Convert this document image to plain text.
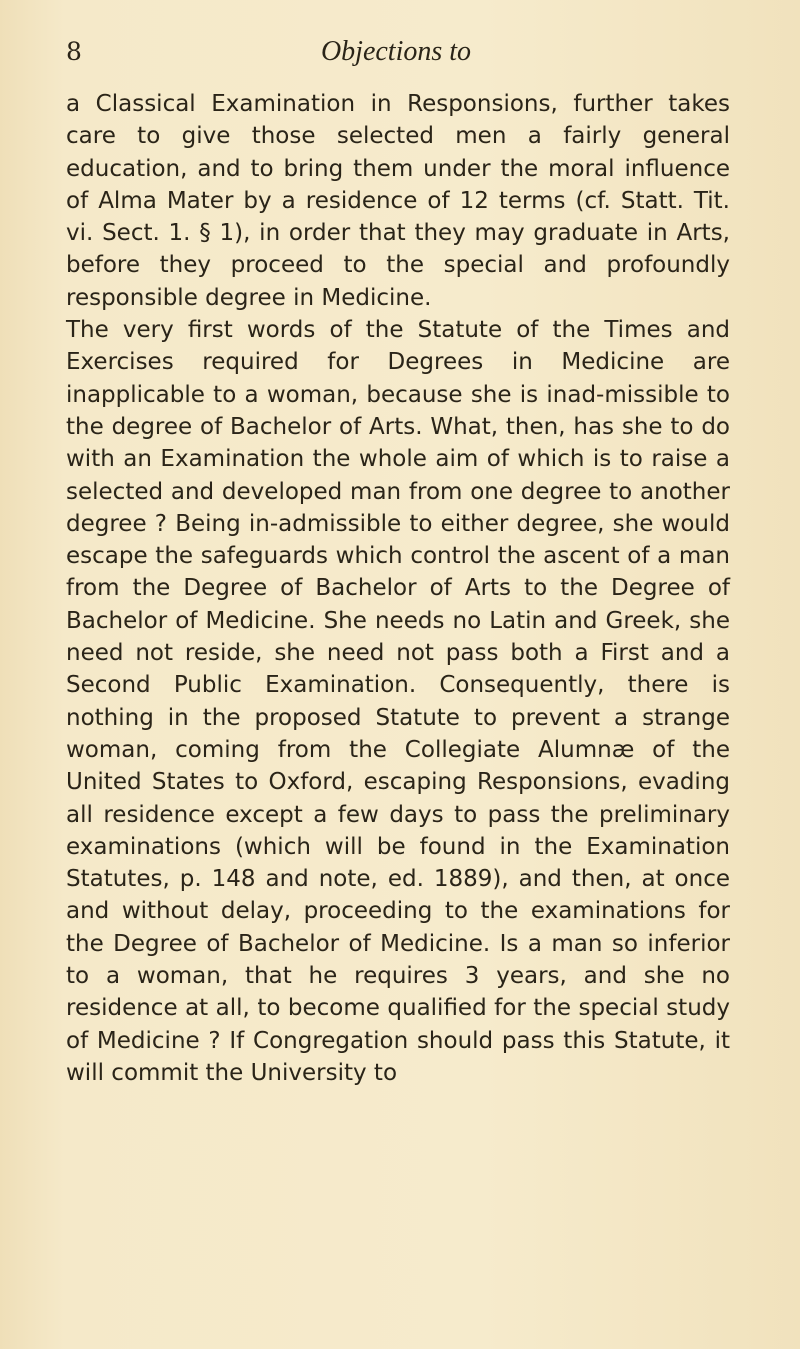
8	Objections to

a Classical Examination in Responsions, further takes care to give those selected men a fairly general education, and to bring them under the moral influence of Alma Mater by a residence of 12 terms (cf. Statt. Tit. vi. Sect. 1. § 1), in order that they may graduate in Arts, before they proceed to the special and profoundly responsible degree in Medicine.

The very first words of the Statute of the Times and Exercises required for Degrees in Medicine are inapplicable to a woman, because she is inad-missible to the degree of Bachelor of Arts. What, then, has she to do with an Examination the whole aim of which is to raise a selected and developed man from one degree to another degree ? Being in-admissible to either degree, she would escape the safeguards which control the ascent of a man from the Degree of Bachelor of Arts to the Degree of Bachelor of Medicine. She needs no Latin and Greek, she need not reside, she need not pass both a First and a Second Public Examination. Consequently, there is nothing in the proposed Statute to prevent a strange woman, coming from the Collegiate Alumnæ of the United States to Oxford, escaping Responsions, evading all residence except a few days to pass the preliminary examinations (which will be found in the Examination Statutes, p. 148 and note, ed. 1889), and then, at once and without delay, proceeding to the examinations for the Degree of Bachelor of Medicine. Is a man so inferior to a woman, that he requires 3 years, and she no residence at all, to become qualified for the special study of Medicine ? If Congregation should pass this Statute, it will commit the University to
